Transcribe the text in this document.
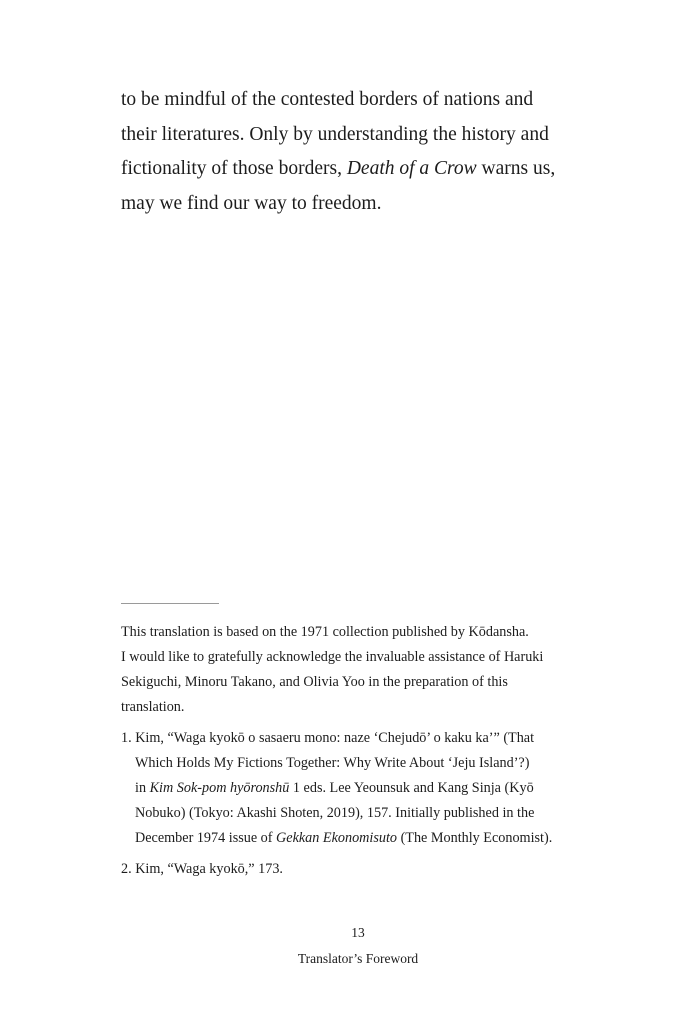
to be mindful of the contested borders of nations and
their literatures. Only by understanding the history and
fictionality of those borders, Death of a Crow warns us,
may we find our way to freedom.
This translation is based on the 1971 collection published by Kōdansha.
I would like to gratefully acknowledge the invaluable assistance of Haruki
Sekiguchi, Minoru Takano, and Olivia Yoo in the preparation of this
translation.
1. Kim, “Waga kyokō o sasaeru mono: naze ‘Chejudō’ o kaku ka’” (That
Which Holds My Fictions Together: Why Write About ‘Jeju Island’?)
in Kim Sok-pom hyōronshū 1 eds. Lee Yeounsuk and Kang Sinja (Kyō
Nobuko) (Tokyo: Akashi Shoten, 2019), 157. Initially published in the
December 1974 issue of Gekkan Ekonomisuto (The Monthly Economist).
2. Kim, “Waga kyokō,” 173.
13
Translator’s Foreword
